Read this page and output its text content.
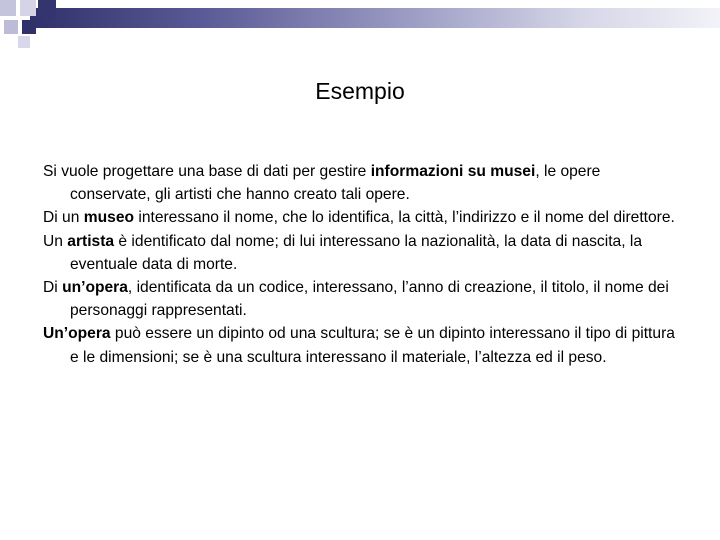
Esempio

Si vuole progettare una base di dati per gestire informazioni su musei, le opere conservate, gli artisti che hanno creato tali opere.

Di un museo interessano il nome, che lo identifica, la città, l’indirizzo e il nome del direttore.

Un artista è identificato dal nome; di lui interessano la nazionalità, la data di nascita, la eventuale data di morte.

Di un’opera, identificata da un codice, interessano, l’anno di creazione, il titolo, il nome dei personaggi rappresentati.

Un’opera può essere un dipinto od una scultura; se è un dipinto interessano il tipo di pittura e le dimensioni; se è una scultura interessano il materiale, l’altezza ed il peso.
